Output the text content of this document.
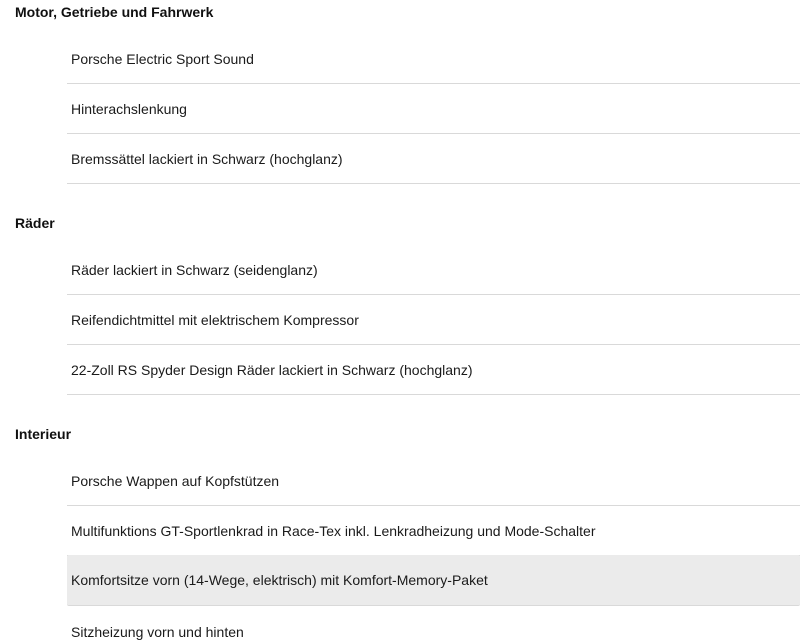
Motor, Getriebe und Fahrwerk
Porsche Electric Sport Sound
Hinterachslenkung
Bremssättel lackiert in Schwarz (hochglanz)
Räder
Räder lackiert in Schwarz (seidenglanz)
Reifendichtmittel mit elektrischem Kompressor
22-Zoll RS Spyder Design Räder lackiert in Schwarz (hochglanz)
Interieur
Porsche Wappen auf Kopfstützen
Multifunktions GT-Sportlenkrad in Race-Tex inkl. Lenkradheizung und Mode-Schalter
Komfortsitze vorn (14-Wege, elektrisch) mit Komfort-Memory-Paket
Sitzheizung vorn und hinten
